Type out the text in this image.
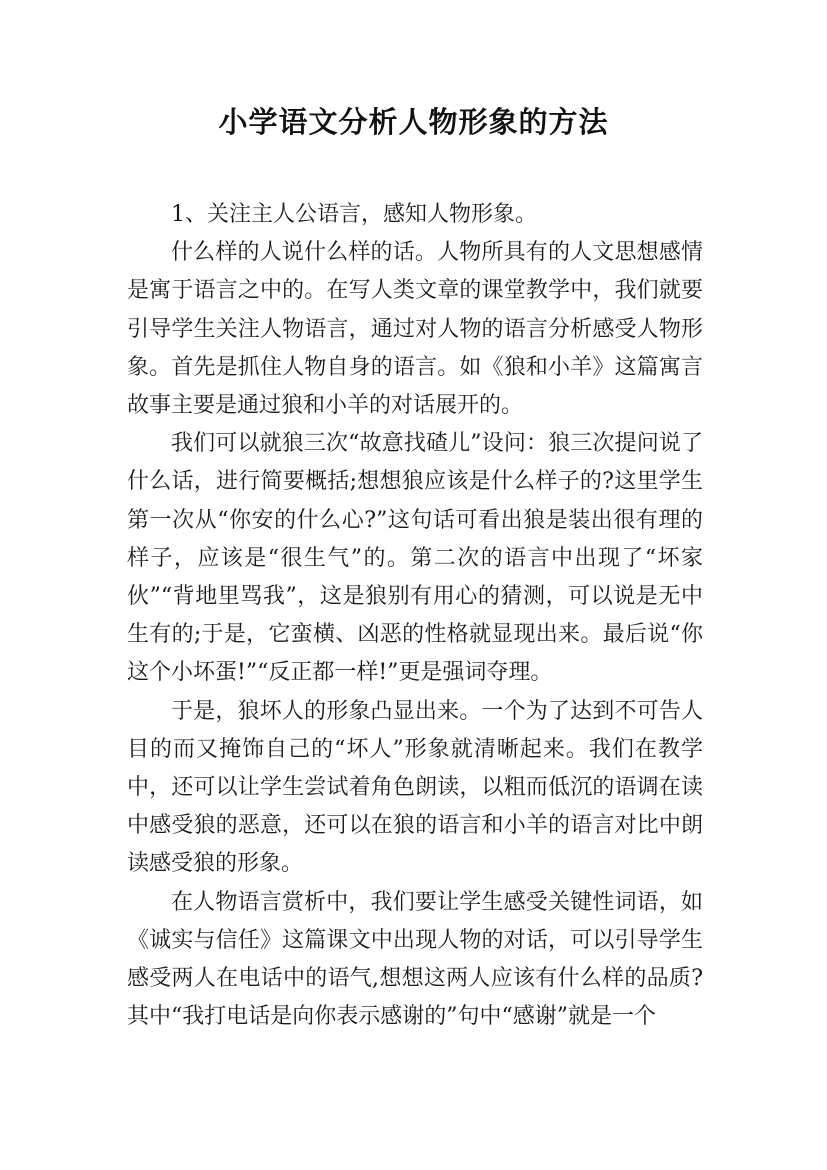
小学语文分析人物形象的方法

1、关注主人公语言，感知人物形象。

什么样的人说什么样的话。人物所具有的人文思想感情是寓于语言之中的。在写人类文章的课堂教学中，我们就要引导学生关注人物语言，通过对人物的语言分析感受人物形象。首先是抓住人物自身的语言。如《狼和小羊》这篇寓言故事主要是通过狼和小羊的对话展开的。

我们可以就狼三次“故意找碴儿”设问：狼三次提问说了什么话，进行简要概括;想想狼应该是什么样子的?这里学生第一次从“你安的什么心?”这句话可看出狼是装出很有理的样子，应该是“很生气”的。第二次的语言中出现了“坏家伙”“背地里骂我”，这是狼别有用心的猜测，可以说是无中生有的;于是，它蛮横、凶恶的性格就显现出来。最后说“你这个小坏蛋!”“反正都一样!”更是强词夺理。

于是，狼坏人的形象凸显出来。一个为了达到不可告人目的而又掩饰自己的“坏人”形象就清晰起来。我们在教学中，还可以让学生尝试着角色朗读，以粗而低沉的语调在读中感受狼的恶意，还可以在狼的语言和小羊的语言对比中朗读感受狼的形象。

在人物语言赏析中，我们要让学生感受关键性词语，如《诚实与信任》这篇课文中出现人物的对话，可以引导学生感受两人在电话中的语气,想想这两人应该有什么样的品质?其中“我打电话是向你表示感谢的”句中“感谢”就是一个
